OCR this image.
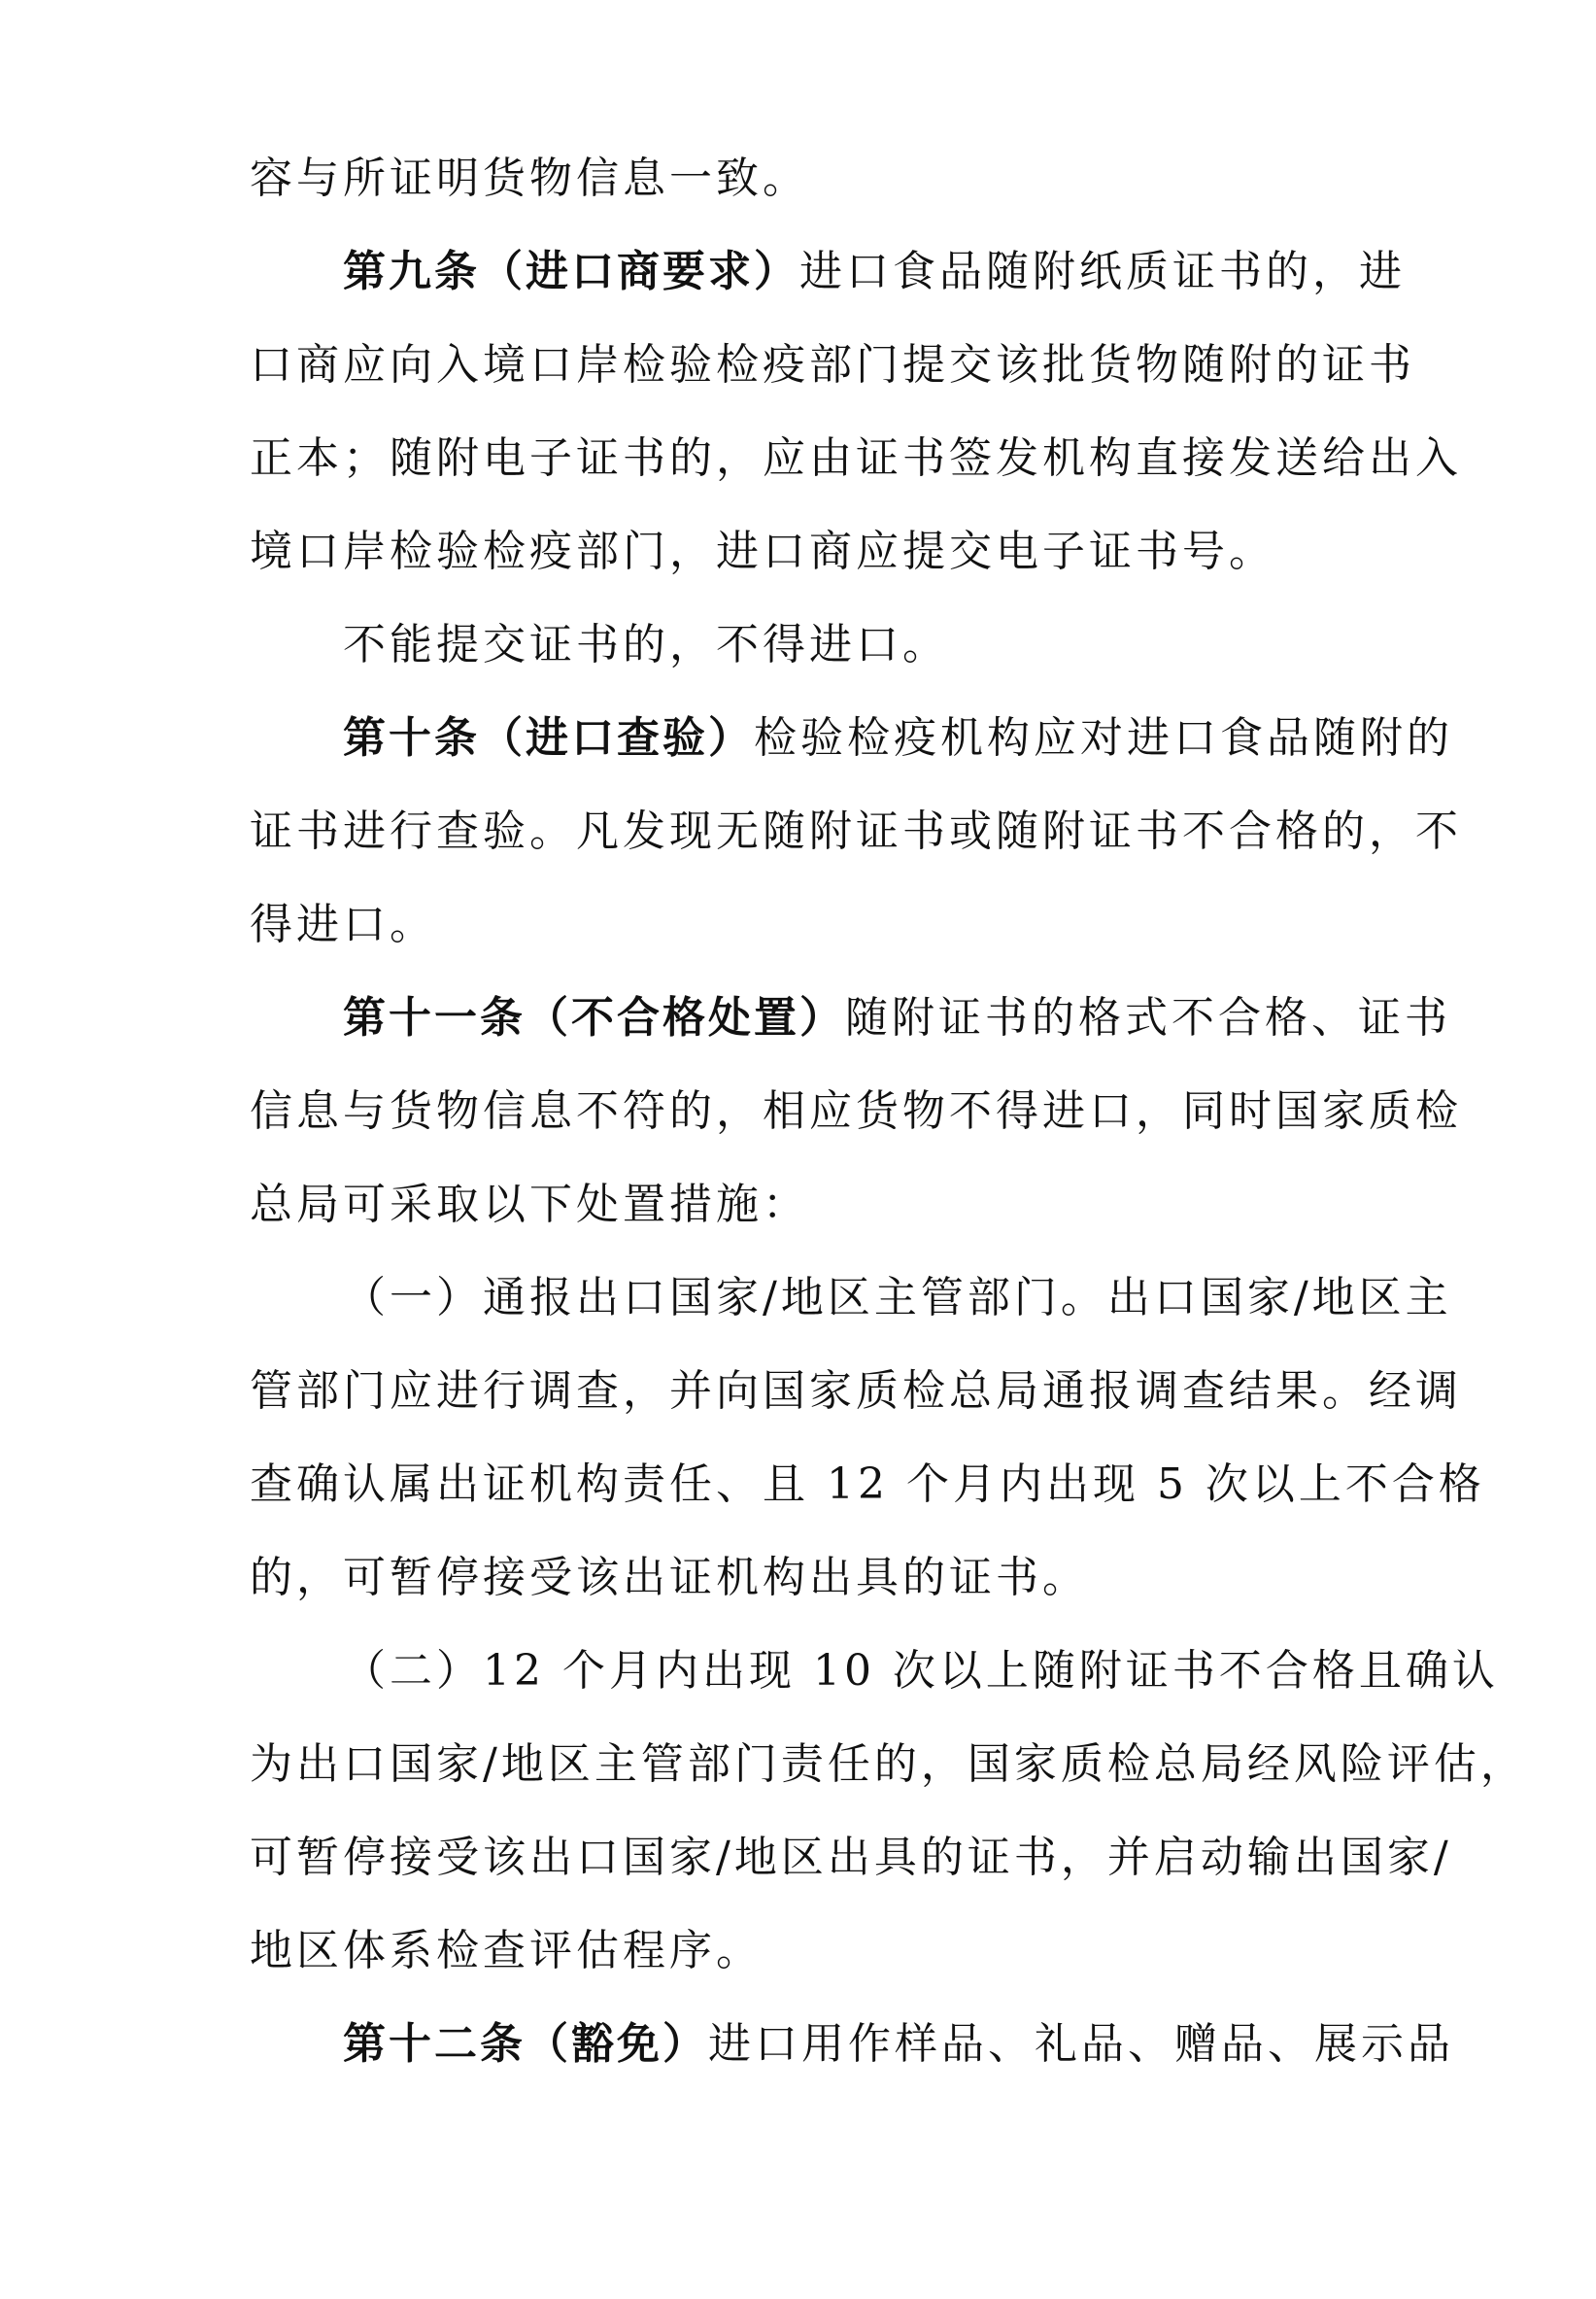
容与所证明货物信息一致。
第九条（进口商要求）进口食品随附纸质证书的，进
口商应向入境口岸检验检疫部门提交该批货物随附的证书
正本；随附电子证书的，应由证书签发机构直接发送给出入
境口岸检验检疫部门，进口商应提交电子证书号。
不能提交证书的，不得进口。
第十条（进口查验）检验检疫机构应对进口食品随附的
证书进行查验。凡发现无随附证书或随附证书不合格的，不
得进口。
第十一条（不合格处置）随附证书的格式不合格、证书
信息与货物信息不符的，相应货物不得进口，同时国家质检
总局可采取以下处置措施：
（一）通报出口国家/地区主管部门。出口国家/地区主
管部门应进行调查，并向国家质检总局通报调查结果。经调
查确认属出证机构责任、且 12 个月内出现 5 次以上不合格
的，可暂停接受该出证机构出具的证书。
（二）12 个月内出现 10 次以上随附证书不合格且确认
为出口国家/地区主管部门责任的，国家质检总局经风险评估，
可暂停接受该出口国家/地区出具的证书，并启动输出国家/
地区体系检查评估程序。
第十二条（豁免）进口用作样品、礼品、赠品、展示品
